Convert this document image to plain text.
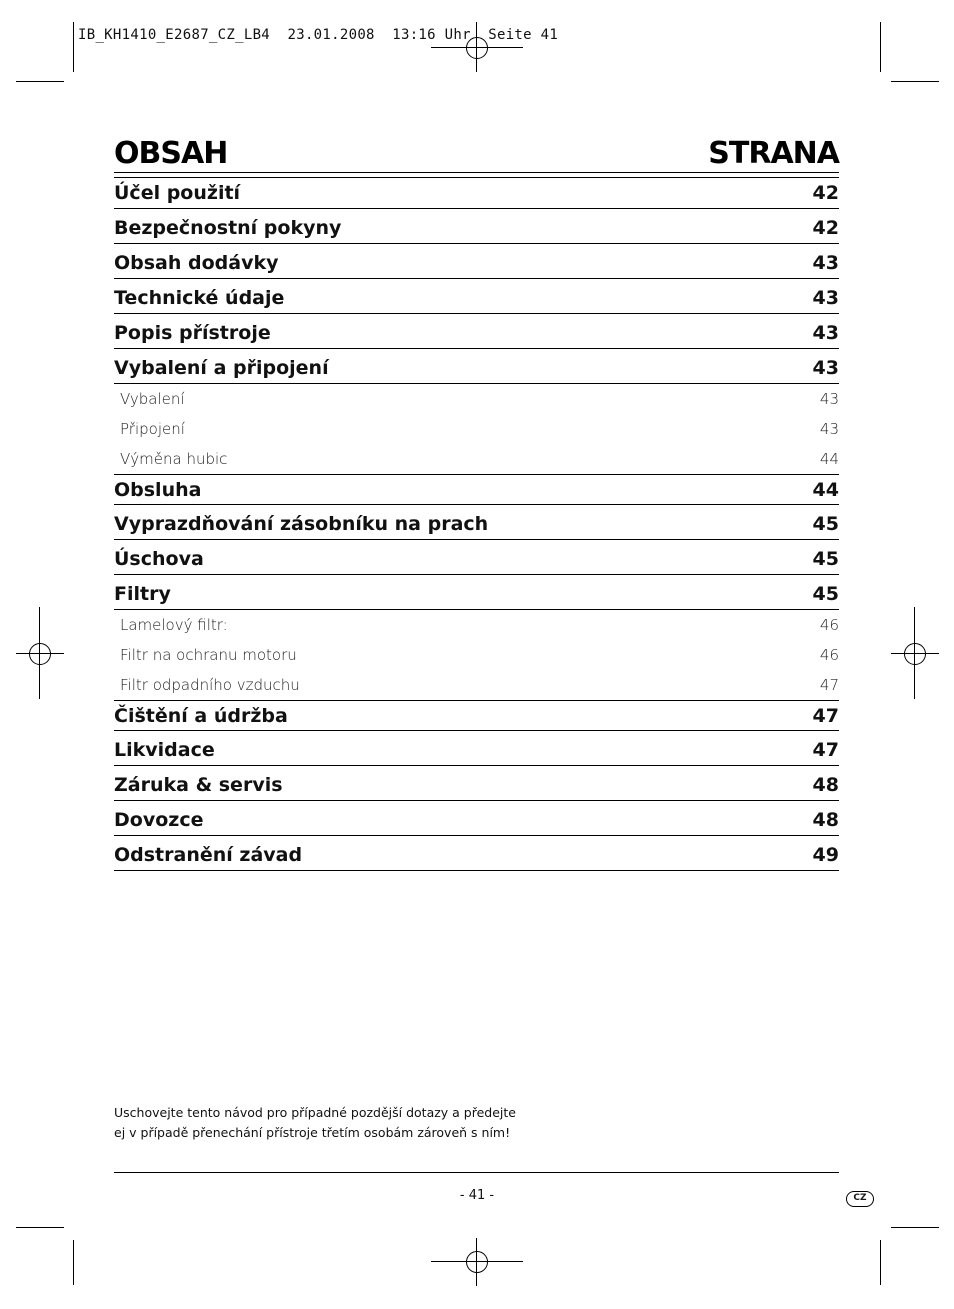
IB_KH1410_E2687_CZ_LB4  23.01.2008  13:16 Uhr  Seite 41
OBSAH	STRANA
Účel použití	42
Bezpečnostní pokyny	42
Obsah dodávky	43
Technické údaje	43
Popis přístroje	43
Vybalení a připojení	43
Vybalení	43
Připojení	43
Výměna hubic	44
Obsluha	44
Vyprazdňování zásobníku na prach	45
Úschova	45
Filtry	45
Lamelový filtr:	46
Filtr na ochranu motoru	46
Filtr odpadního vzduchu	47
Čištění a údržba	47
Likvidace	47
Záruka & servis	48
Dovozce	48
Odstranění závad	49
Uschovejte tento návod pro případné pozdější dotazy a předejte
ej v případě přenechání přístroje třetím osobám zároveň s ním!
- 41 -	CZ
